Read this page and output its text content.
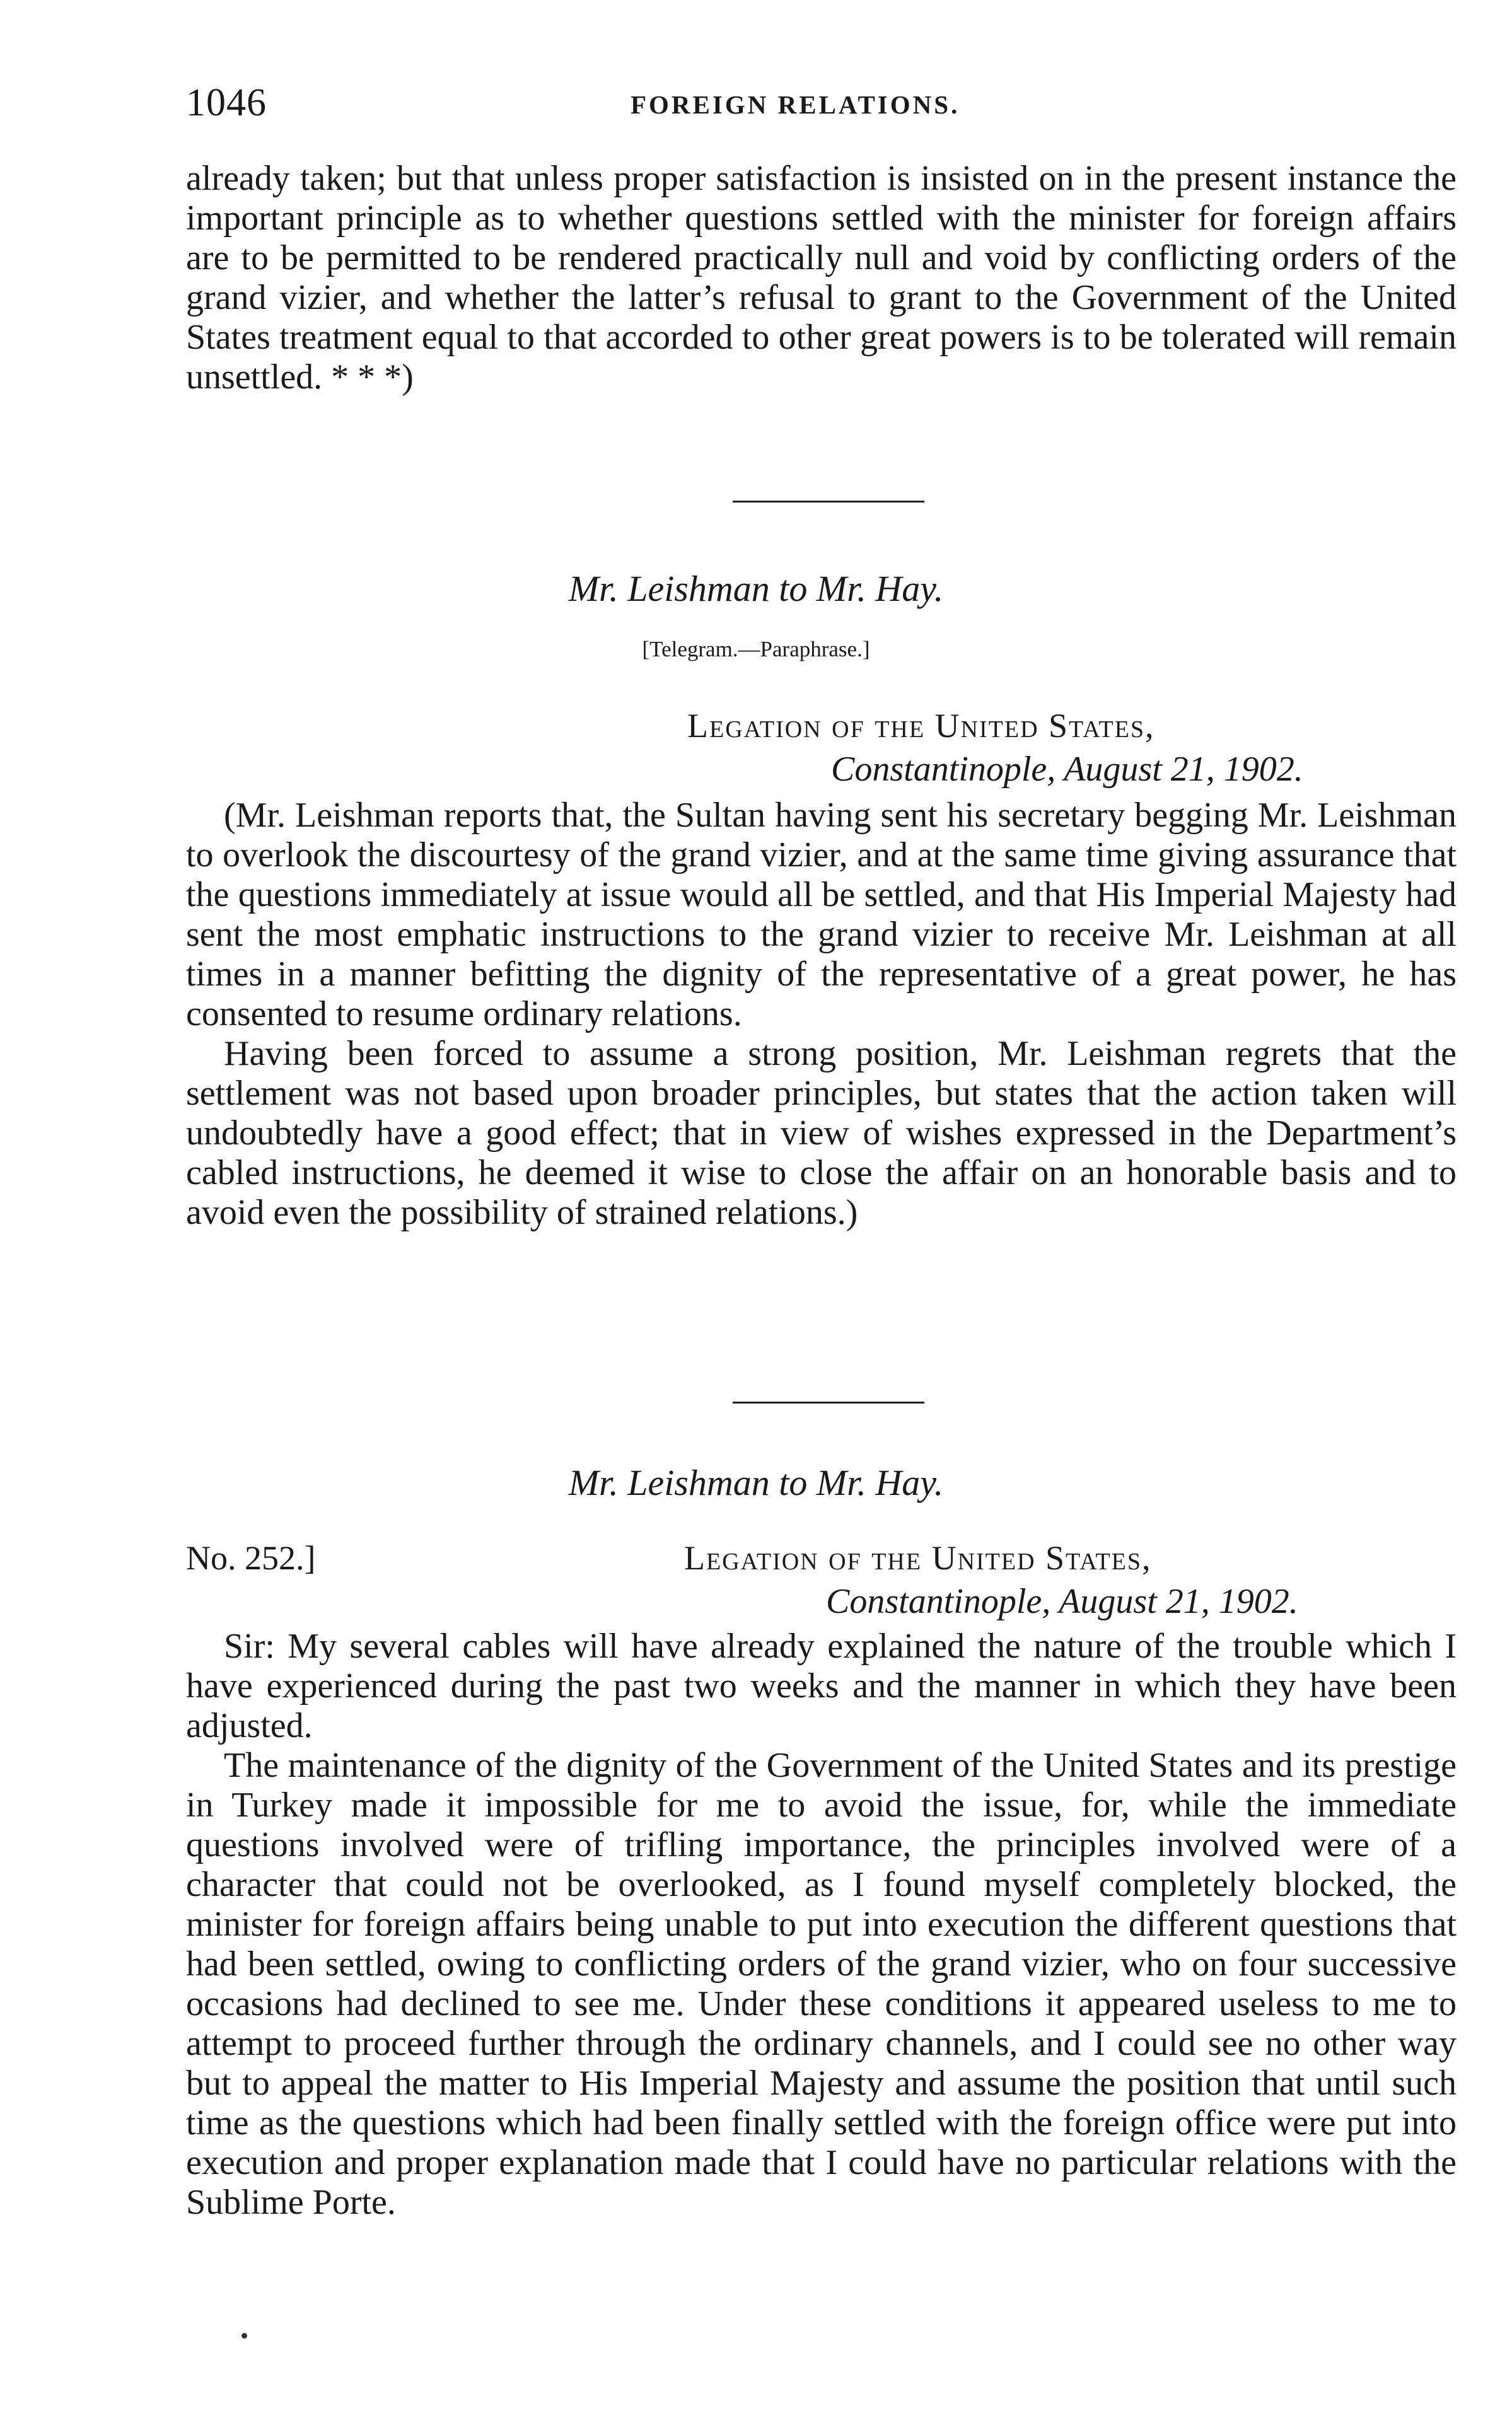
1046	FOREIGN RELATIONS.

already taken; but that unless proper satisfaction is insisted on in the present instance the important principle as to whether questions settled with the minister for foreign affairs are to be permitted to be rendered practically null and void by conflicting orders of the grand vizier, and whether the latter’s refusal to grant to the Government of the United States treatment equal to that accorded to other great powers is to be tolerated will remain unsettled. * * *)

Mr. Leishman to Mr. Hay.
[Telegram.—Paraphrase.]
Legation of the United States,
Constantinople, August 21, 1902.

(Mr. Leishman reports that, the Sultan having sent his secretary begging Mr. Leishman to overlook the discourtesy of the grand vizier, and at the same time giving assurance that the questions immediately at issue would all be settled, and that His Imperial Majesty had sent the most emphatic instructions to the grand vizier to receive Mr. Leishman at all times in a manner befitting the dignity of the representative of a great power, he has consented to resume ordinary relations.

Having been forced to assume a strong position, Mr. Leishman regrets that the settlement was not based upon broader principles, but states that the action taken will undoubtedly have a good effect; that in view of wishes expressed in the Department’s cabled instructions, he deemed it wise to close the affair on an honorable basis and to avoid even the possibility of strained relations.)

Mr. Leishman to Mr. Hay.
No. 252.]	Legation of the United States,
Constantinople, August 21, 1902.

Sir: My several cables will have already explained the nature of the trouble which I have experienced during the past two weeks and the manner in which they have been adjusted.

The maintenance of the dignity of the Government of the United States and its prestige in Turkey made it impossible for me to avoid the issue, for, while the immediate questions involved were of trifling importance, the principles involved were of a character that could not be overlooked, as I found myself completely blocked, the minister for foreign affairs being unable to put into execution the different questions that had been settled, owing to conflicting orders of the grand vizier, who on four successive occasions had declined to see me. Under these conditions it appeared useless to me to attempt to proceed further through the ordinary channels, and I could see no other way but to appeal the matter to His Imperial Majesty and assume the position that until such time as the questions which had been finally settled with the foreign office were put into execution and proper explanation made that I could have no particular relations with the Sublime Porte.
